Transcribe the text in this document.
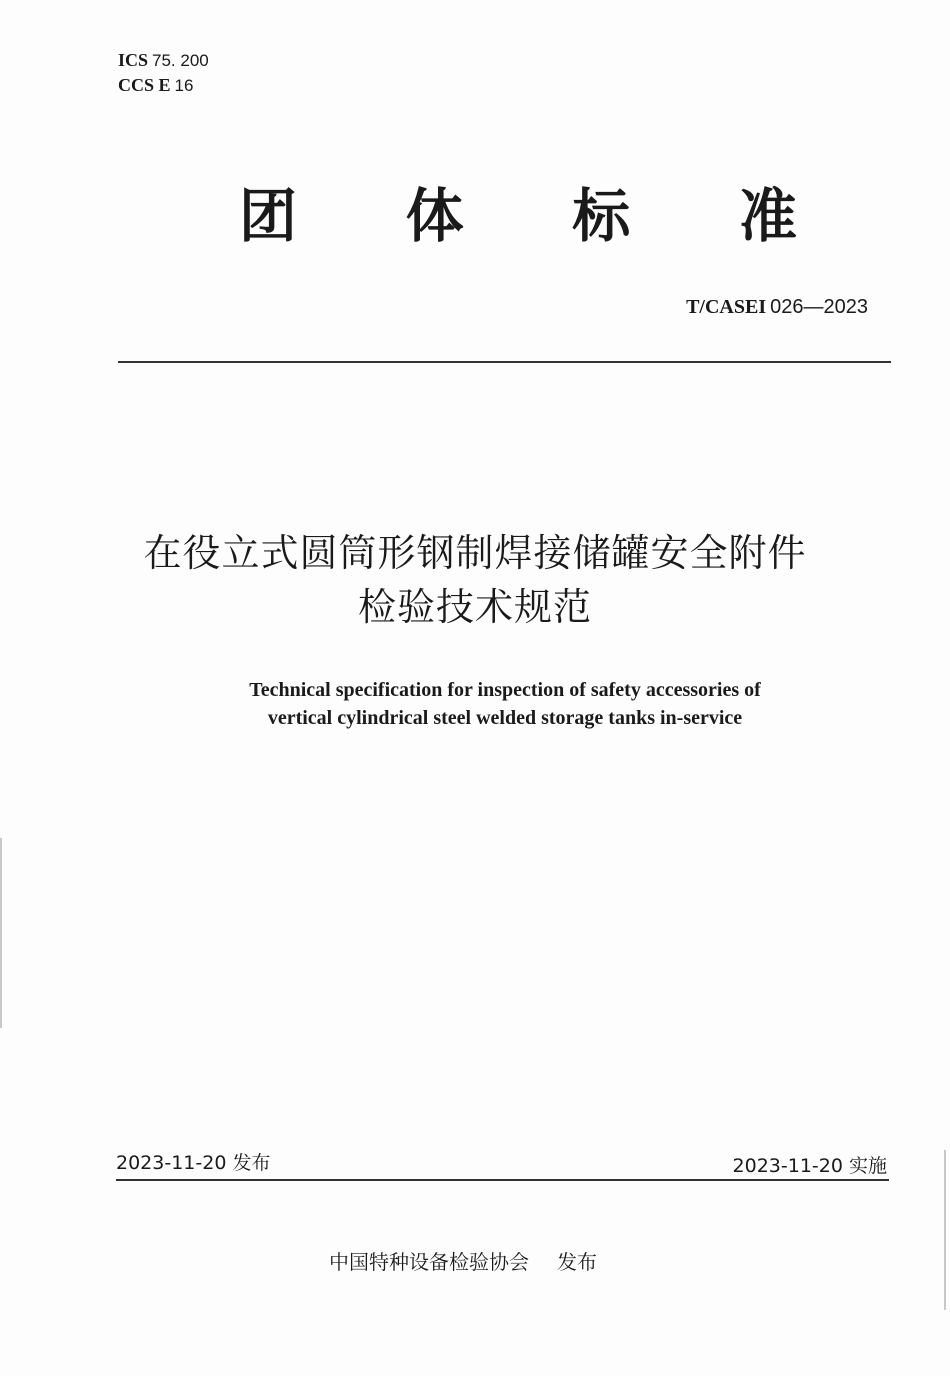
ICS 75. 200
CCS E 16
团	体	标	准
T/CASEI 026—2023
在役立式圆筒形钢制焊接储罐安全附件
检验技术规范
Technical specification for inspection of safety accessories of
vertical cylindrical steel welded storage tanks in-service
2023-11-20 发布	2023-11-20 实施
中国特种设备检验协会 发布
